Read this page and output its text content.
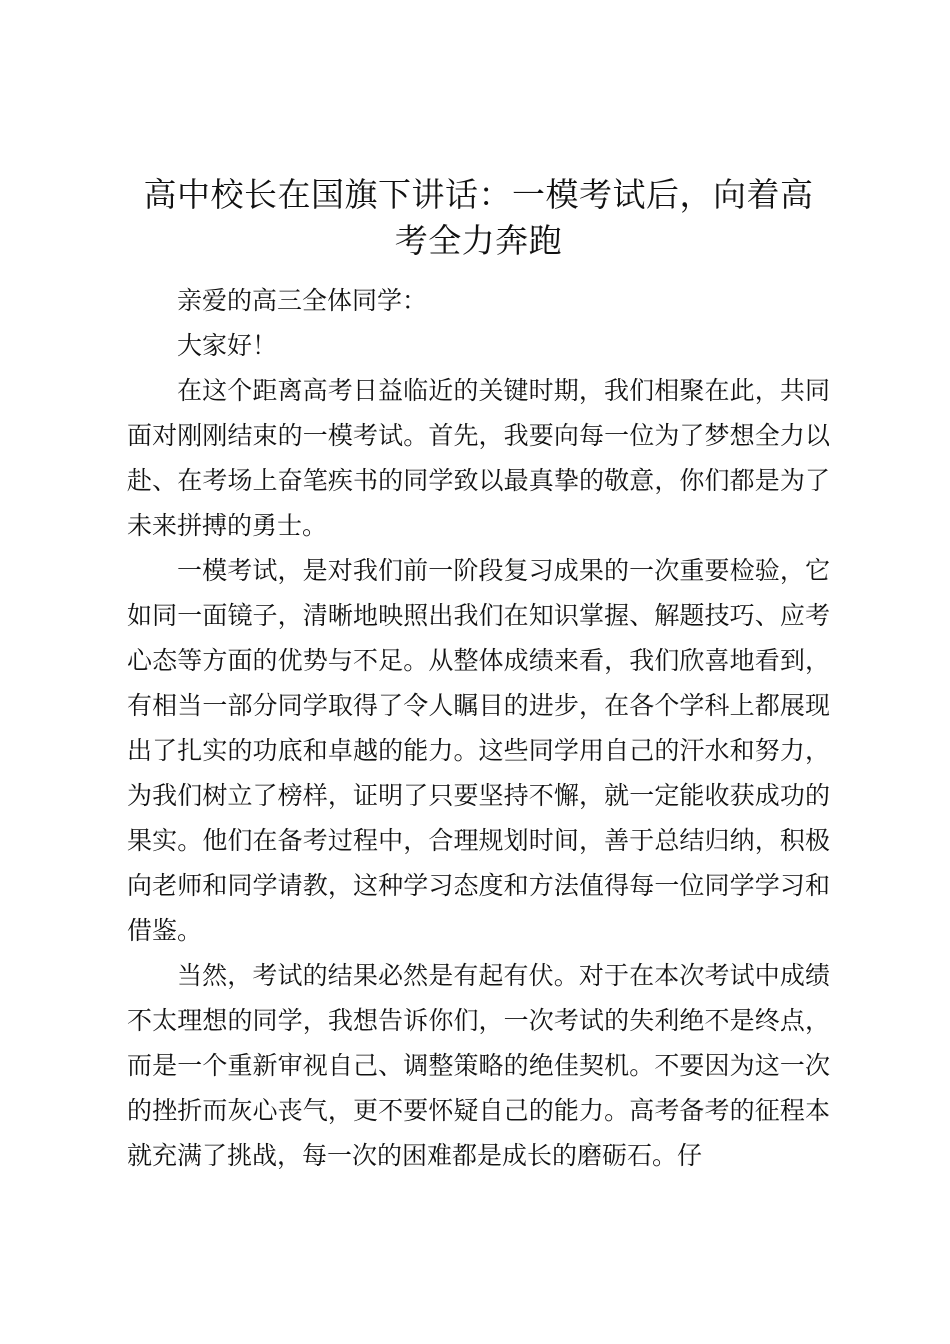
高中校长在国旗下讲话：一模考试后，向着高考全力奔跑

亲爱的高三全体同学：

大家好！

在这个距离高考日益临近的关键时期，我们相聚在此，共同面对刚刚结束的一模考试。首先，我要向每一位为了梦想全力以赴、在考场上奋笔疾书的同学致以最真挚的敬意，你们都是为了未来拼搏的勇士。

一模考试，是对我们前一阶段复习成果的一次重要检验，它如同一面镜子，清晰地映照出我们在知识掌握、解题技巧、应考心态等方面的优势与不足。从整体成绩来看，我们欣喜地看到，有相当一部分同学取得了令人瞩目的进步，在各个学科上都展现出了扎实的功底和卓越的能力。这些同学用自己的汗水和努力，为我们树立了榜样，证明了只要坚持不懈，就一定能收获成功的果实。他们在备考过程中，合理规划时间，善于总结归纳，积极向老师和同学请教，这种学习态度和方法值得每一位同学学习和借鉴。

当然，考试的结果必然是有起有伏。对于在本次考试中成绩不太理想的同学，我想告诉你们，一次考试的失利绝不是终点，而是一个重新审视自己、调整策略的绝佳契机。不要因为这一次的挫折而灰心丧气，更不要怀疑自己的能力。高考备考的征程本就充满了挑战，每一次的困难都是成长的磨砺石。仔
